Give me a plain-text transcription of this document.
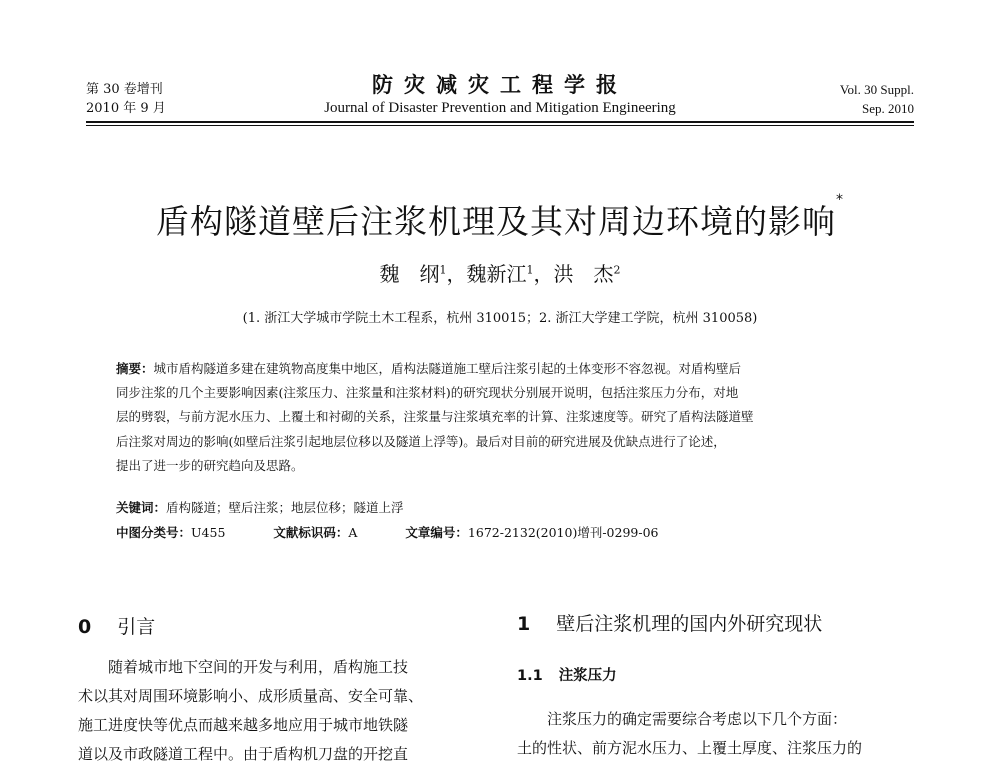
第 30 卷增刊
2010 年 9 月
防灾减灾工程学报
Journal of Disaster Prevention and Mitigation Engineering
Vol. 30 Suppl.
Sep. 2010
盾构隧道壁后注浆机理及其对周边环境的影响*
魏　纲$^1$，魏新江$^1$，洪　杰$^2$
(1. 浙江大学城市学院土木工程系，杭州 310015；2. 浙江大学建工学院，杭州 310058)
摘要：城市盾构隧道多建在建筑物高度集中地区，盾构法隧道施工壁后注浆引起的土体变形不容忽视。对盾构壁后
同步注浆的几个主要影响因素(注浆压力、注浆量和注浆材料)的研究现状分别展开说明，包括注浆压力分布，对地
层的劈裂，与前方泥水压力、上覆土和衬砌的关系，注浆量与注浆填充率的计算、注浆速度等。研究了盾构法隧道壁
后注浆对周边的影响(如壁后注浆引起地层位移以及隧道上浮等)。最后对目前的研究进展及优缺点进行了论述，
提出了进一步的研究趋向及思路。
关键词：盾构隧道；壁后注浆；地层位移；隧道上浮
中图分类号：U455	文献标识码：A	文章编号：1672-2132(2010)增刊-0299-06
0 引言
　　随着城市地下空间的开发与利用，盾构施工技
术以其对周围环境影响小、成形质量高、安全可靠、
施工进度快等优点而越来越多地应用于城市地铁隧
道以及市政隧道工程中。由于盾构机刀盘的开挖直
1 壁后注浆机理的国内外研究现状
1.1 注浆压力
　　注浆压力的确定需要综合考虑以下几个方面：
土的性状、前方泥水压力、上覆土厚度、注浆压力的
